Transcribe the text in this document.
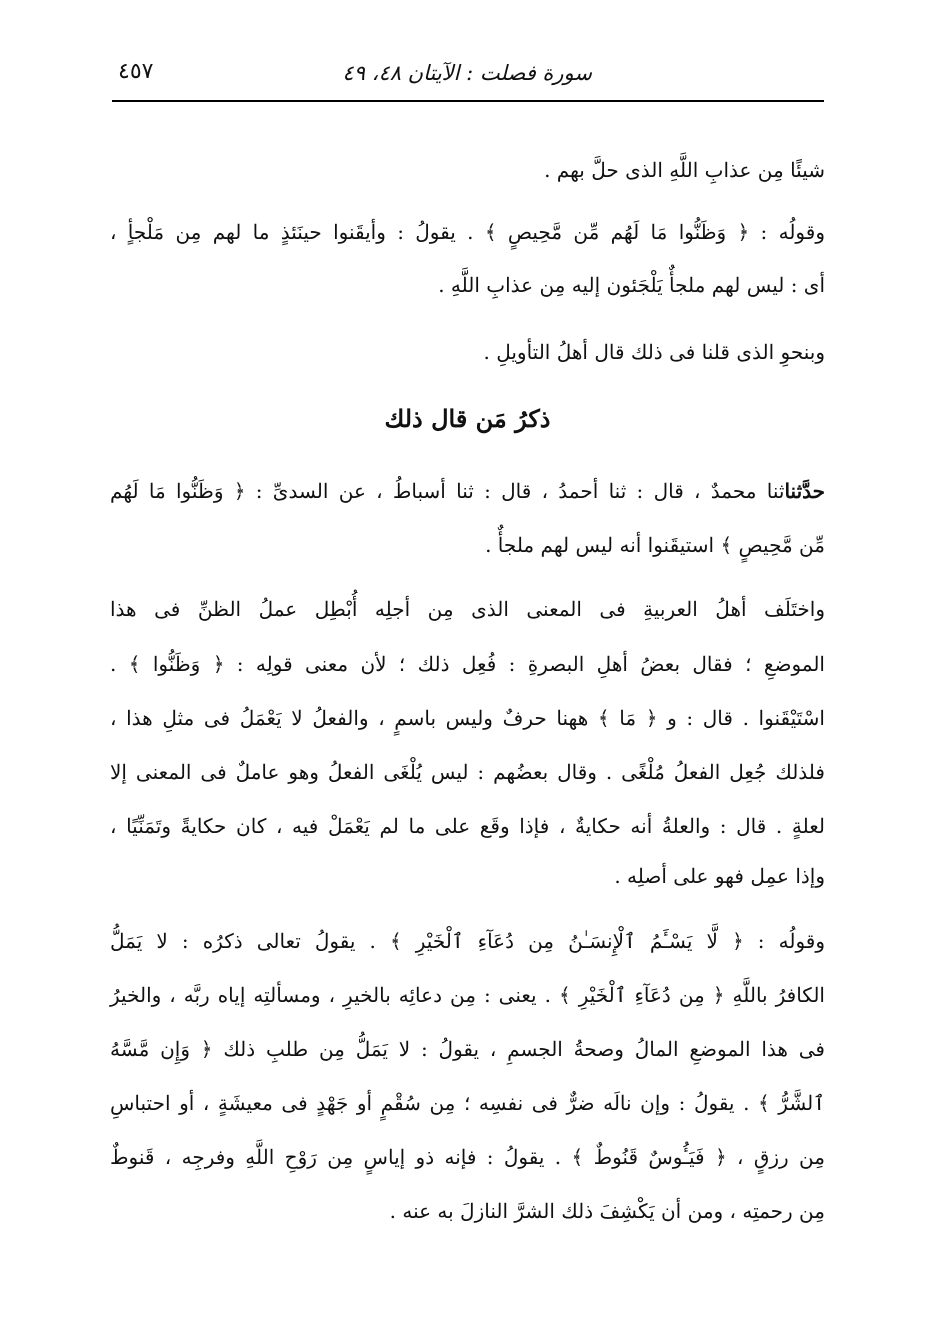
سورة فصلت : الآيتان ٤٨، ٤٩
٤٥٧
شيئًا مِن عذابِ اللَّهِ الذى حلَّ بهم .
وقولُه : ﴿ وَظَنُّوا مَا لَهُم مِّن مَّحِيصٍ ﴾ . يقولُ : وأيقَنوا حينَئذٍ ما لهم مِن مَلْجأٍ ،
أى : ليس لهم ملجأٌ يَلْجَئون إليه مِن عذابِ اللَّهِ .
وبنحوِ الذى قلنا فى ذلك قال أهلُ التأويلِ .
ذكرُ مَن قال ذلك
حدَّثناثنا محمدٌ ، قال : ثنا أحمدُ ، قال : ثنا أسباطُ ، عن السدىِّ : ﴿ وَظَنُّوا مَا لَهُم
مِّن مَّحِيصٍ ﴾ استيقَنوا أنه ليس لهم ملجأٌ .
واختَلَف أهلُ العربيةِ فى المعنى الذى مِن أجلِه أُبْطِل عملُ الظنِّ فى هذا
الموضعِ ؛ فقال بعضُ أهلِ البصرةِ : فُعِل ذلك ؛ لأن معنى قولِه : ﴿ وَظَنُّوا ﴾ .
اسْتَيْقَنوا . قال : و ﴿ مَا ﴾ ههنا حرفٌ وليس باسمٍ ، والفعلُ لا يَعْمَلُ فى مثلِ هذا ،
فلذلك جُعِل الفعلُ مُلْغًى . وقال بعضُهم : ليس يُلْغَى الفعلُ وهو عاملٌ فى المعنى إلا
لعلةٍ . قال : والعلةُ أنه حكايةٌ ، فإذا وقَع على ما لم يَعْمَلْ فيه ، كان حكايةً وتَمَنِّيًا ،
وإذا عمِل فهو على أصلِه .
وقولُه : ﴿ لَّا يَسْـَٔمُ ٱلْإِنسَـٰنُ مِن دُعَآءِ ٱلْخَيْرِ ﴾ . يقولُ تعالى ذكرُه : لا يَمَلُّ
الكافرُ باللَّهِ ﴿ مِن دُعَآءِ ٱلْخَيْرِ ﴾ . يعنى : مِن دعائِه بالخيرِ ، ومسألتِه إياه ربَّه ، والخيرُ
فى هذا الموضعِ المالُ وصحةُ الجسمِ ، يقولُ : لا يَمَلُّ مِن طلبِ ذلك ﴿ وَإِن مَّسَّهُ
ٱلشَّرُّ ﴾ . يقولُ : وإن نالَه ضرٌّ فى نفسِه ؛ مِن سُقْمٍ أو جَهْدٍ فى معيشَةٍ ، أو احتباسِ
مِن رزقٍ ، ﴿ فَيَـُٔوسٌ قَنُوطٌ ﴾ . يقولُ : فإنه ذو إياسٍ مِن رَوْحِ اللَّهِ وفرجِه ، قَنوطٌ
مِن رحمتِه ، ومن أن يَكْشِفَ ذلك الشرَّ النازلَ به عنه .
